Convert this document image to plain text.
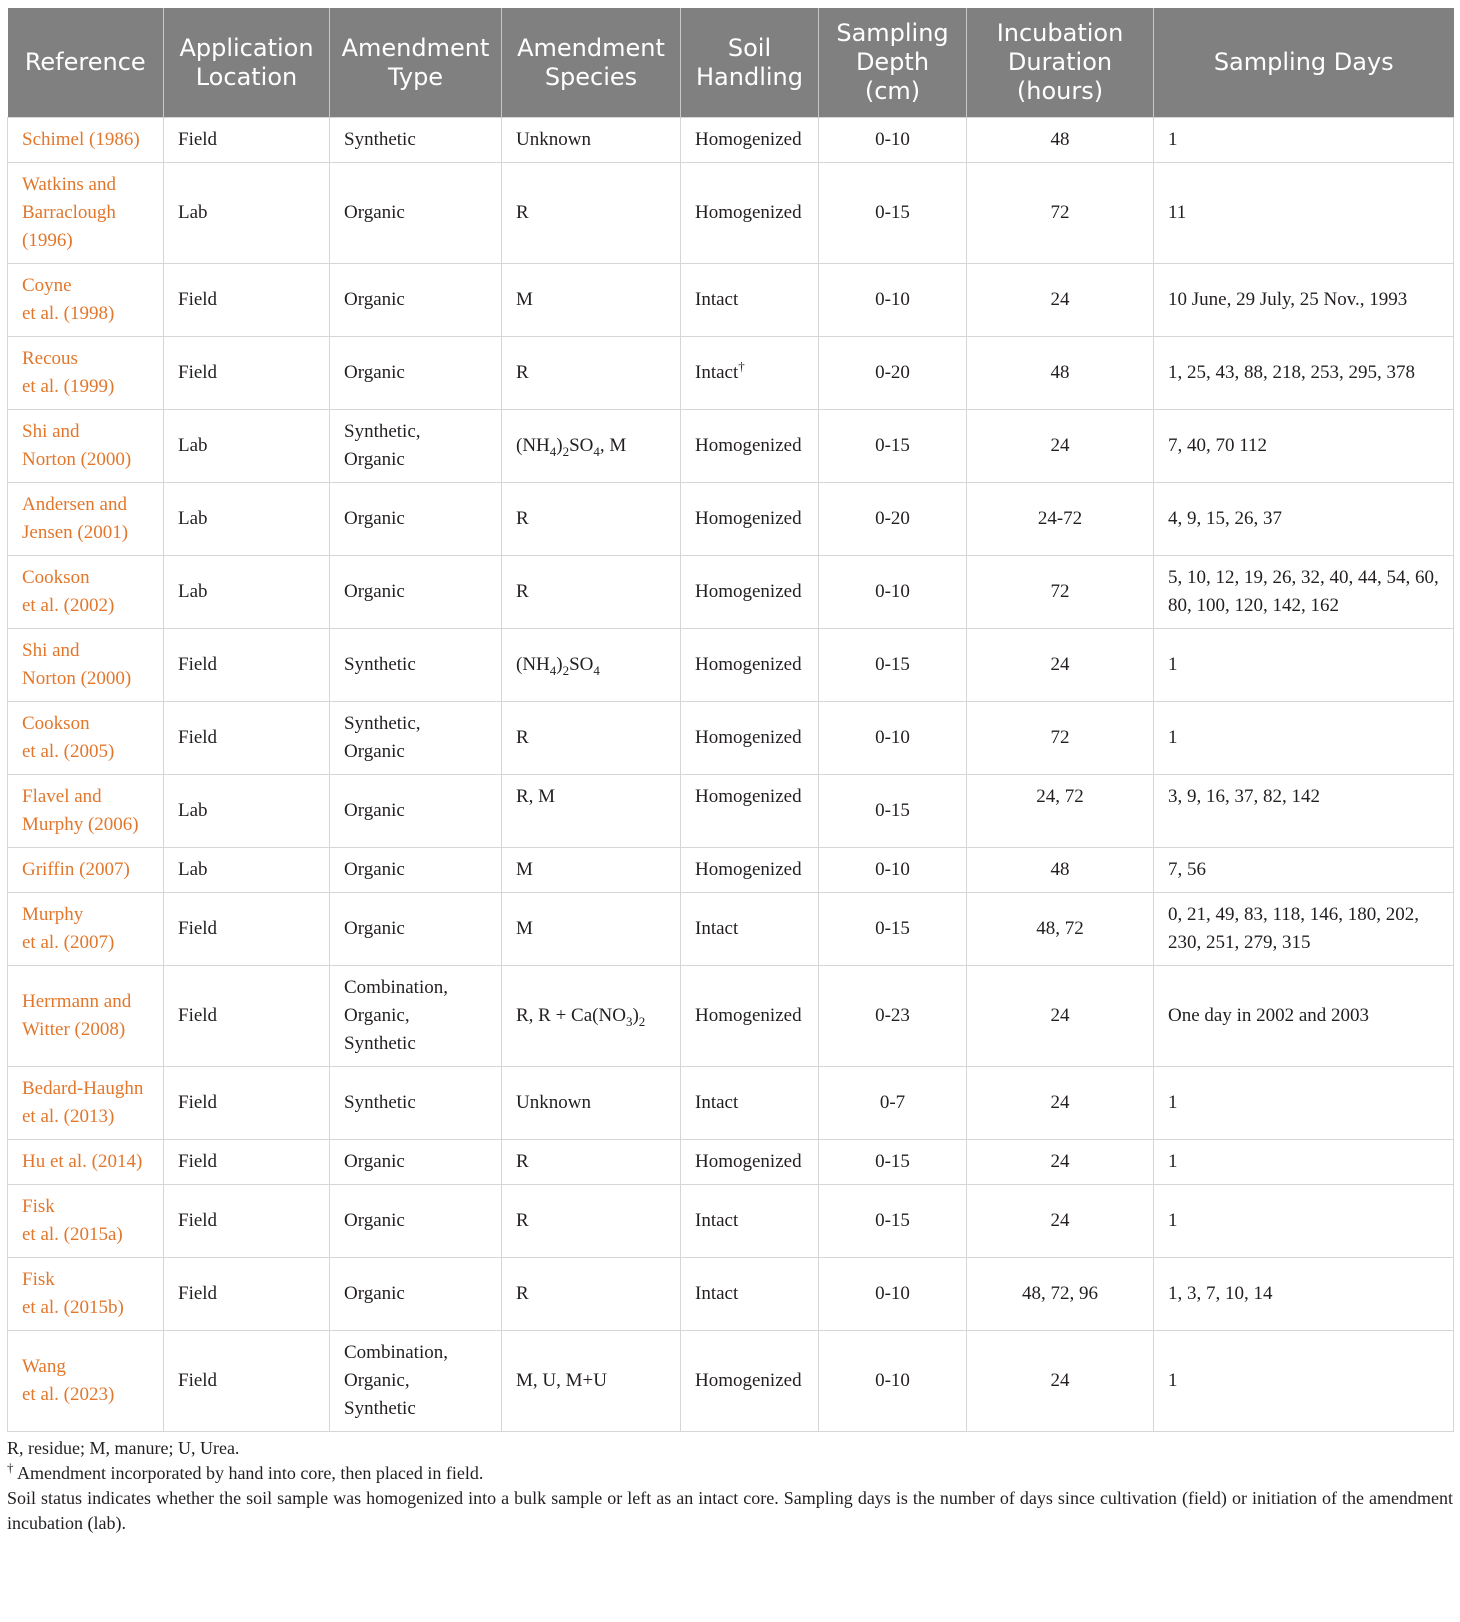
Reference	Application Location	Amendment Type	Amendment Species	Soil Handling	Sampling Depth (cm)	Incubation Duration (hours)	Sampling Days

Schimel (1986)	Field	Synthetic	Unknown	Homogenized	0-10	48	1

Watkins and
Barraclough
(1996)	Lab	Organic	R	Homogenized	0-15	72	11

Coyne
et al. (1998)	Field	Organic	M	Intact	0-10	24	10 June, 29 July, 25 Nov., 1993

Recous
et al. (1999)	Field	Organic	R	Intact†	0-20	48	1, 25, 43, 88, 218, 253, 295, 378

Shi and
Norton (2000)	Lab	Synthetic,
Organic	$(NH_4)_2SO_4$, M	Homogenized	0-15	24	7, 40, 70 112

Andersen and
Jensen (2001)	Lab	Organic	R	Homogenized	0-20	24-72	4, 9, 15, 26, 37

Cookson
et al. (2002)	Lab	Organic	R	Homogenized	0-10	72	5, 10, 12, 19, 26, 32, 40, 44, 54, 60, 80, 100, 120, 142, 162

Shi and
Norton (2000)	Field	Synthetic	$(NH_4)_2SO_4$	Homogenized	0-15	24	1

Cookson
et al. (2005)	Field	Synthetic,
Organic	R	Homogenized	0-10	72	1

Flavel and
Murphy (2006)	Lab	Organic	R, M	Homogenized	0-15	24, 72	3, 9, 16, 37, 82, 142

Griffin (2007)	Lab	Organic	M	Homogenized	0-10	48	7, 56

Murphy
et al. (2007)	Field	Organic	M	Intact	0-15	48, 72	0, 21, 49, 83, 118, 146, 180, 202, 230, 251, 279, 315

Herrmann and
Witter (2008)	Field	Combination,
Organic,
Synthetic	R, $R + Ca(NO_3)_2$	Homogenized	0-23	24	One day in 2002 and 2003

Bedard-Haughn
et al. (2013)	Field	Synthetic	Unknown	Intact	0-7	24	1

Hu et al. (2014)	Field	Organic	R	Homogenized	0-15	24	1

Fisk
et al. (2015a)	Field	Organic	R	Intact	0-15	24	1

Fisk
et al. (2015b)	Field	Organic	R	Intact	0-10	48, 72, 96	1, 3, 7, 10, 14

Wang
et al. (2023)	Field	Combination,
Organic,
Synthetic	M, U, M+U	Homogenized	0-10	24	1
R, residue; M, manure; U, Urea.
† Amendment incorporated by hand into core, then placed in field.
Soil status indicates whether the soil sample was homogenized into a bulk sample or left as an intact core. Sampling days is the number of days since cultivation (field) or initiation of the amendment incubation (lab).
